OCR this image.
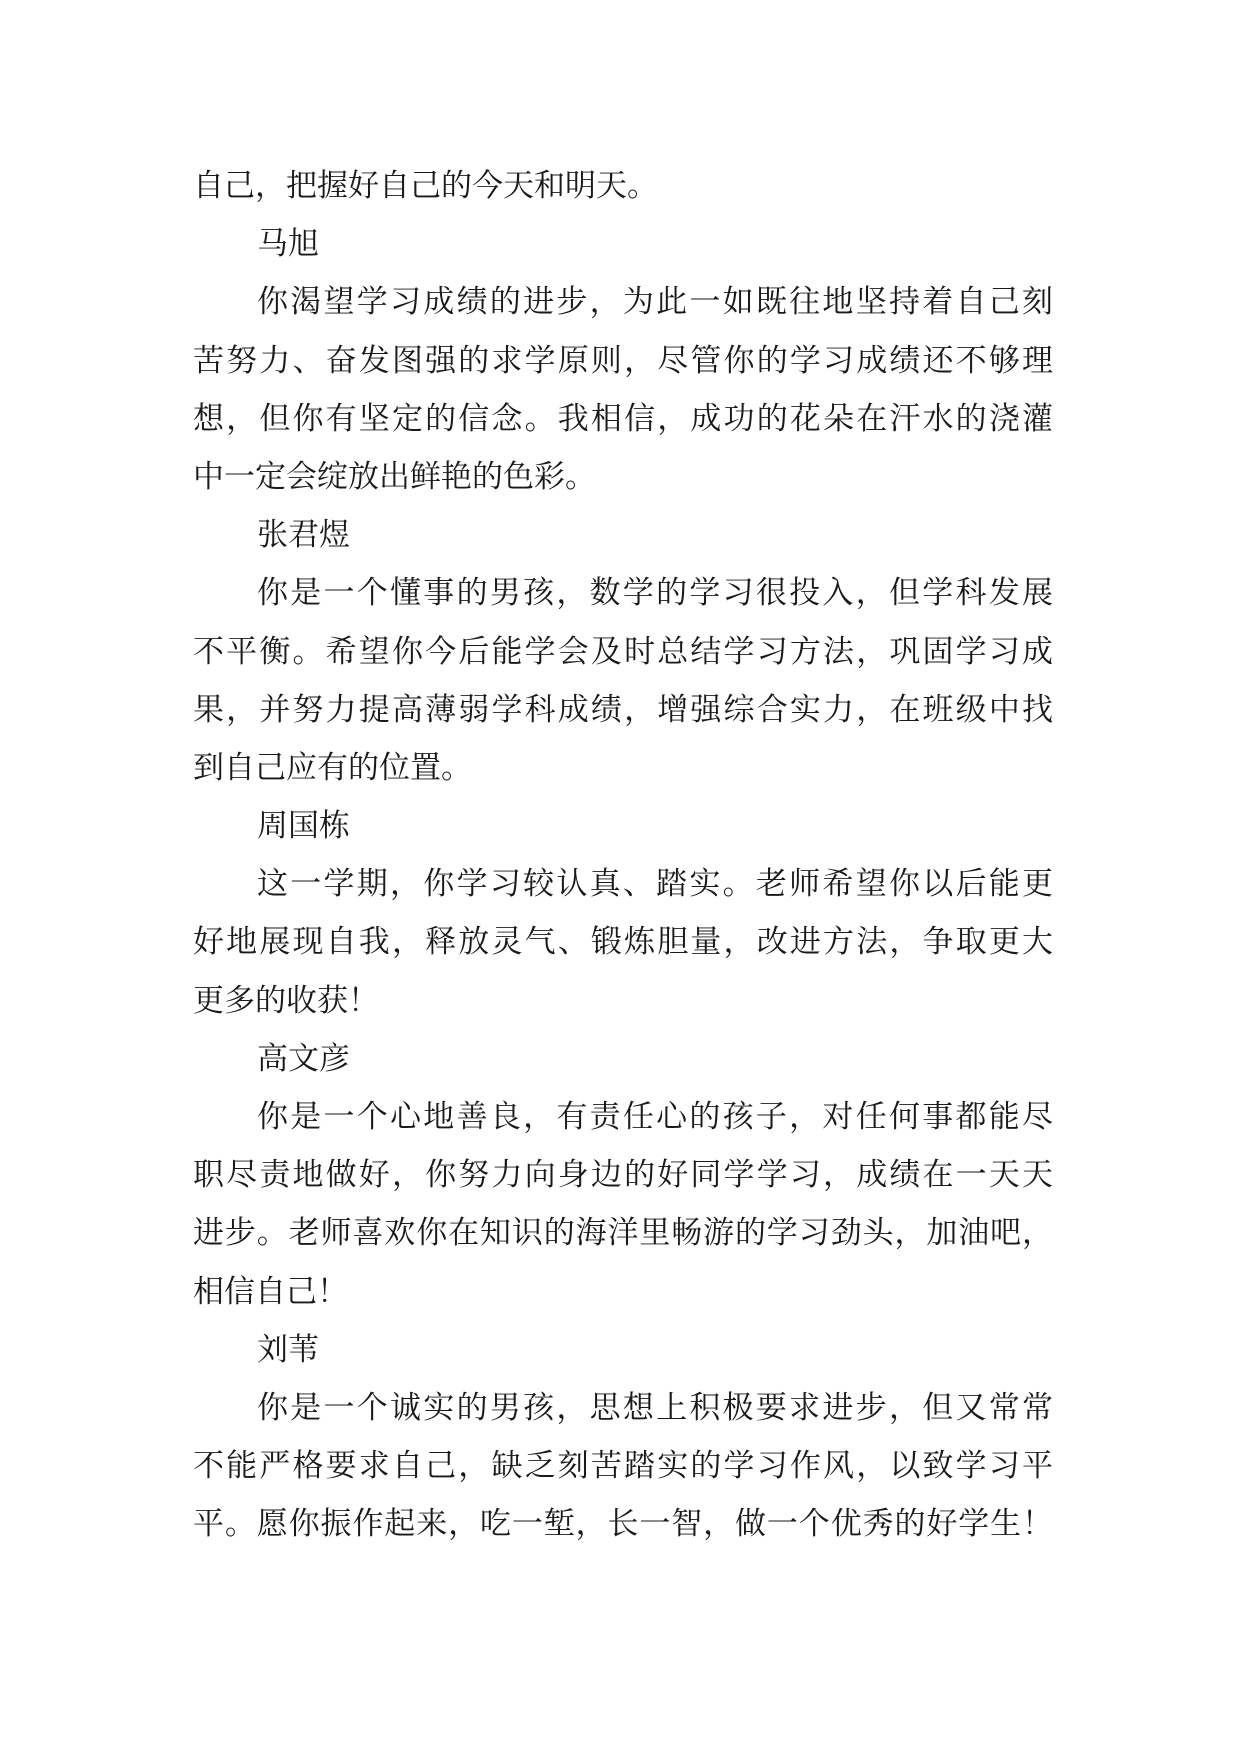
自己，把握好自己的今天和明天。
马旭
你渴望学习成绩的进步，为此一如既往地坚持着自己刻
苦努力、奋发图强的求学原则，尽管你的学习成绩还不够理
想，但你有坚定的信念。我相信，成功的花朵在汗水的浇灌
中一定会绽放出鲜艳的色彩。
张君煜
你是一个懂事的男孩，数学的学习很投入，但学科发展
不平衡。希望你今后能学会及时总结学习方法，巩固学习成
果，并努力提高薄弱学科成绩，增强综合实力，在班级中找
到自己应有的位置。
周国栋
这一学期，你学习较认真、踏实。老师希望你以后能更
好地展现自我，释放灵气、锻炼胆量，改进方法，争取更大
更多的收获！
高文彦
你是一个心地善良，有责任心的孩子，对任何事都能尽
职尽责地做好，你努力向身边的好同学学习，成绩在一天天
进步。老师喜欢你在知识的海洋里畅游的学习劲头，加油吧，
相信自己！
刘苇
你是一个诚实的男孩，思想上积极要求进步，但又常常
不能严格要求自己，缺乏刻苦踏实的学习作风，以致学习平
平。愿你振作起来，吃一堑，长一智，做一个优秀的好学生！
